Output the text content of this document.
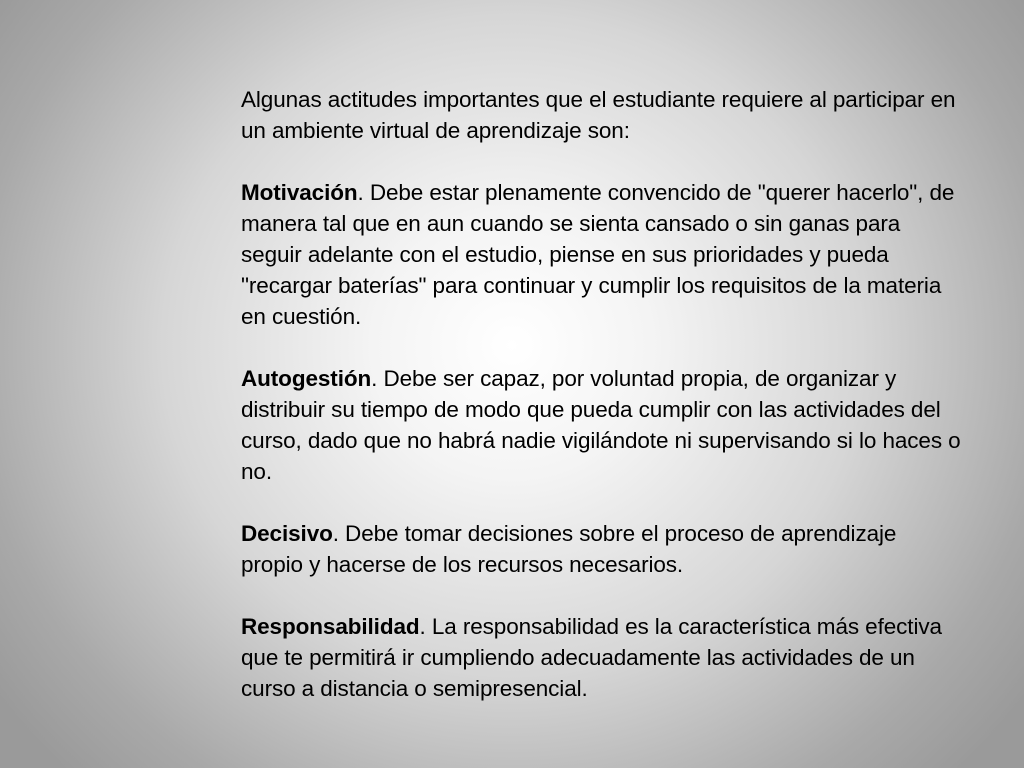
Algunas actitudes importantes que el estudiante requiere al participar en un ambiente virtual de aprendizaje son:

Motivación. Debe estar plenamente convencido de "querer hacerlo", de manera tal que en aun cuando se sienta cansado o sin ganas para seguir adelante con el estudio, piense en sus prioridades y pueda "recargar baterías" para continuar y cumplir los requisitos de la materia en cuestión.

Autogestión. Debe ser capaz, por voluntad propia, de organizar y distribuir su tiempo de modo que pueda cumplir con las actividades del curso, dado que no habrá nadie vigilándote ni supervisando si lo haces o no.

Decisivo. Debe tomar decisiones sobre el proceso de aprendizaje propio y hacerse de los recursos necesarios.

Responsabilidad. La responsabilidad es la característica más efectiva que te permitirá ir cumpliendo adecuadamente las actividades de un curso a distancia o semipresencial.
